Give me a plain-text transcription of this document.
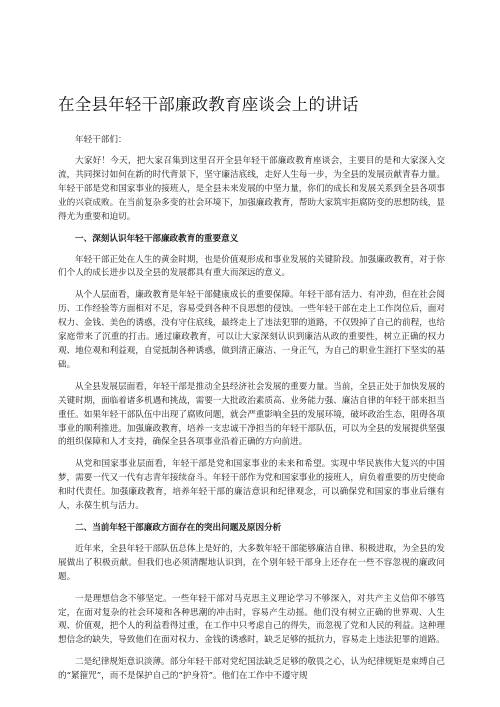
在全县年轻干部廉政教育座谈会上的讲话

年轻干部们：

大家好！今天，把大家召集到这里召开全县年轻干部廉政教育座谈会，主要目的是和大家深入交流，共同探讨如何在新的时代背景下，坚守廉洁底线，走好人生每一步，为全县的发展贡献青春力量。年轻干部是党和国家事业的接班人，是全县未来发展的中坚力量，你们的成长和发展关系到全县各项事业的兴衰成败。在当前复杂多变的社会环境下，加强廉政教育，帮助大家筑牢拒腐防变的思想防线，显得尤为重要和迫切。

一、深刻认识年轻干部廉政教育的重要意义

年轻干部正处在人生的黄金时期，也是价值观形成和事业发展的关键阶段。加强廉政教育，对于你们个人的成长进步以及全县的发展都具有重大而深远的意义。

从个人层面看，廉政教育是年轻干部健康成长的重要保障。年轻干部有活力、有冲劲，但在社会阅历、工作经验等方面相对不足，容易受到各种不良思想的侵蚀。一些年轻干部在走上工作岗位后，面对权力、金钱、美色的诱惑，没有守住底线，最终走上了违法犯罪的道路，不仅毁掉了自己的前程，也给家庭带来了沉重的打击。通过廉政教育，可以让大家深刻认识到廉洁从政的重要性，树立正确的权力观、地位观和利益观，自觉抵制各种诱惑，做到清正廉洁、一身正气，为自己的职业生涯打下坚实的基础。

从全县发展层面看，年轻干部是推动全县经济社会发展的重要力量。当前，全县正处于加快发展的关键时期，面临着诸多机遇和挑战，需要一大批政治素质高、业务能力强、廉洁自律的年轻干部来担当重任。如果年轻干部队伍中出现了腐败问题，就会严重影响全县的发展环境，破坏政治生态，阻碍各项事业的顺利推进。加强廉政教育，培养一支忠诚干净担当的年轻干部队伍，可以为全县的发展提供坚强的组织保障和人才支持，确保全县各项事业沿着正确的方向前进。

从党和国家事业层面看，年轻干部是党和国家事业的未来和希望。实现中华民族伟大复兴的中国梦，需要一代又一代有志青年接续奋斗。年轻干部作为党和国家事业的接班人，肩负着重要的历史使命和时代责任。加强廉政教育，培养年轻干部的廉洁意识和纪律观念，可以确保党和国家的事业后继有人，永葆生机与活力。

二、当前年轻干部廉政方面存在的突出问题及原因分析

近年来，全县年轻干部队伍总体上是好的，大多数年轻干部能够廉洁自律、积极进取，为全县的发展做出了积极贡献。但我们也必须清醒地认识到，在个别年轻干部身上还存在一些不容忽视的廉政问题。

一是理想信念不够坚定。一些年轻干部对马克思主义理论学习不够深入，对共产主义信仰不够笃定，在面对复杂的社会环境和各种思潮的冲击时，容易产生动摇。他们没有树立正确的世界观、人生观、价值观，把个人的利益看得过重，在工作中只考虑自己的得失，而忽视了党和人民的利益。这种理想信念的缺失，导致他们在面对权力、金钱的诱惑时，缺乏足够的抵抗力，容易走上违法犯罪的道路。

二是纪律规矩意识淡薄。部分年轻干部对党纪国法缺乏足够的敬畏之心，认为纪律规矩是束缚自己的“紧箍咒”，而不是保护自己的“护身符”。他们在工作中不遵守规
